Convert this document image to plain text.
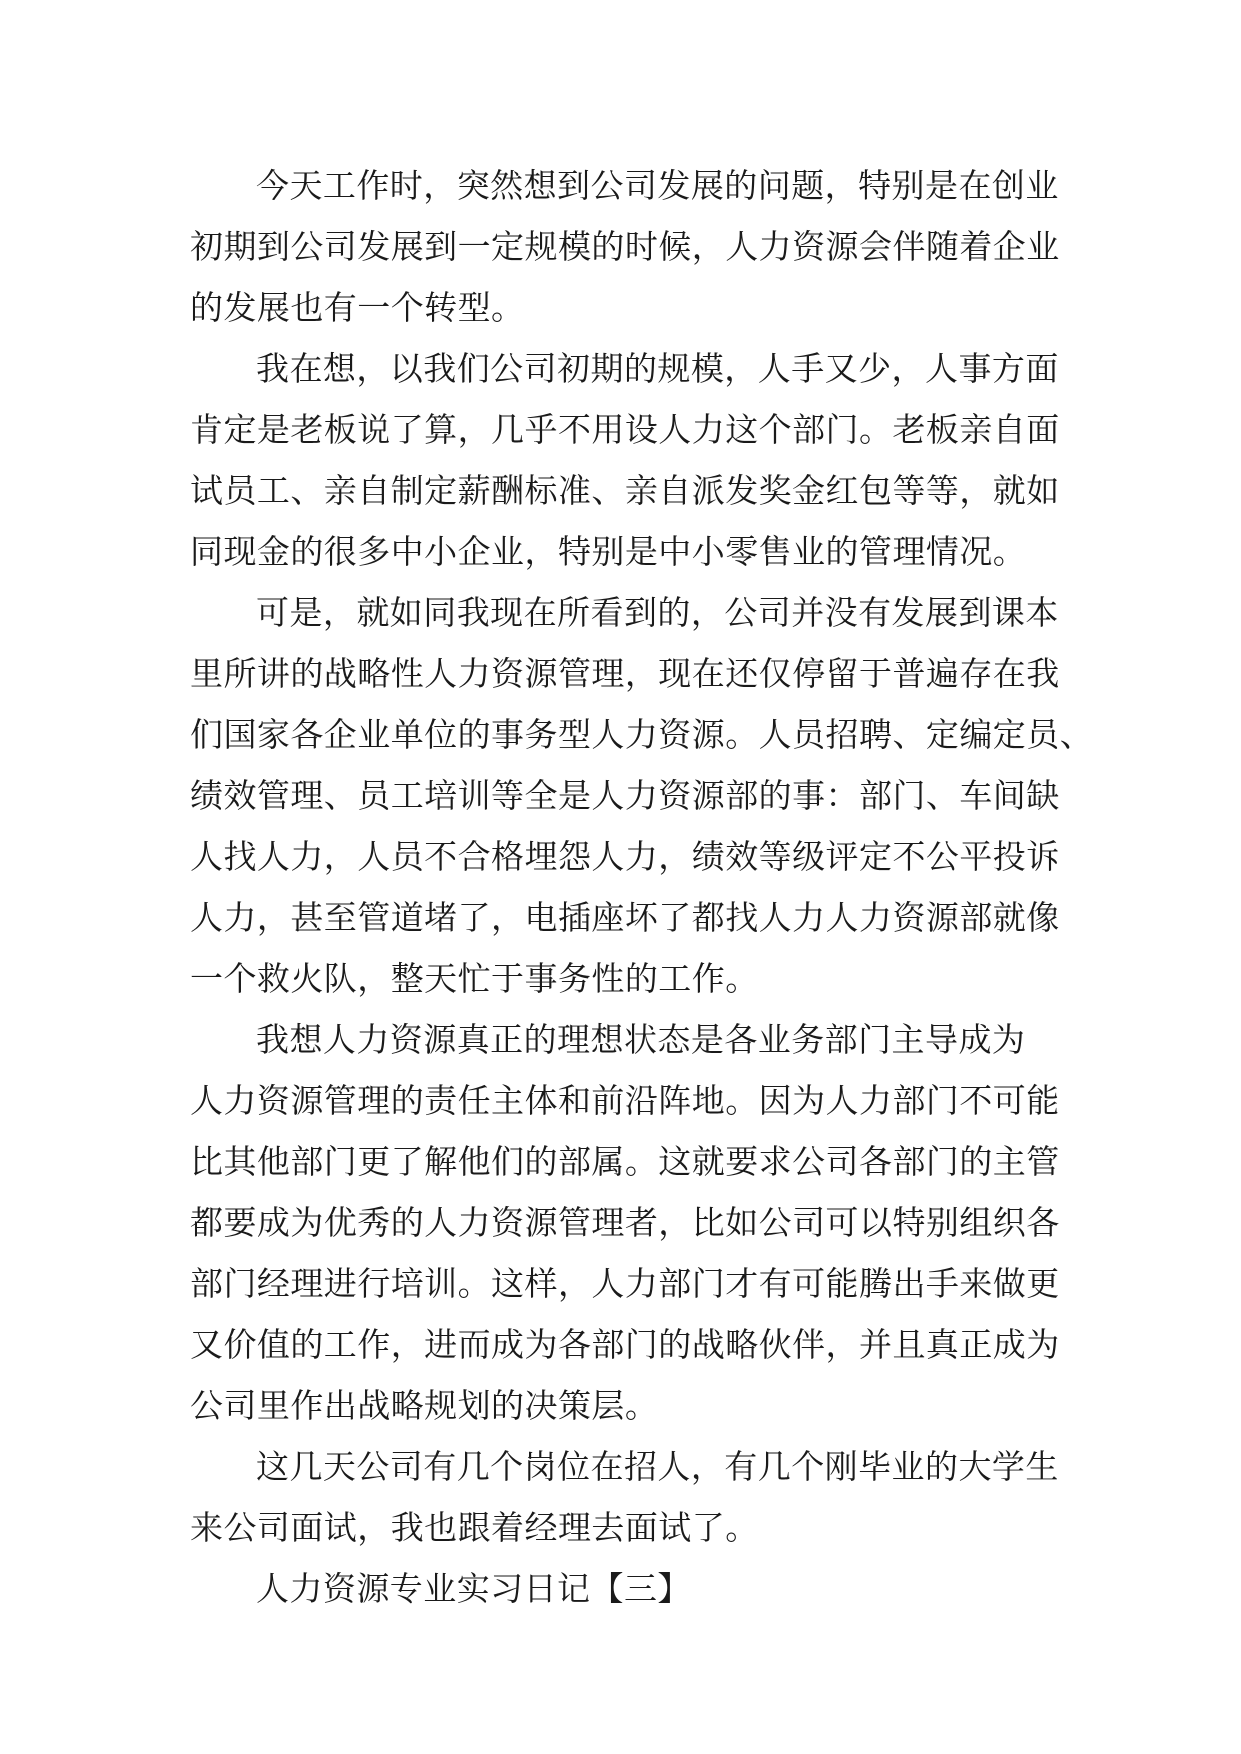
今天工作时，突然想到公司发展的问题，特别是在创业
初期到公司发展到一定规模的时候，人力资源会伴随着企业
的发展也有一个转型。
我在想，以我们公司初期的规模，人手又少，人事方面
肯定是老板说了算，几乎不用设人力这个部门。老板亲自面
试员工、亲自制定薪酬标准、亲自派发奖金红包等等，就如
同现金的很多中小企业，特别是中小零售业的管理情况。
可是，就如同我现在所看到的，公司并没有发展到课本
里所讲的战略性人力资源管理，现在还仅停留于普遍存在我
们国家各企业单位的事务型人力资源。人员招聘、定编定员、
绩效管理、员工培训等全是人力资源部的事：部门、车间缺
人找人力，人员不合格埋怨人力，绩效等级评定不公平投诉
人力，甚至管道堵了，电插座坏了都找人力人力资源部就像
一个救火队，整天忙于事务性的工作。
我想人力资源真正的理想状态是各业务部门主导成为
人力资源管理的责任主体和前沿阵地。因为人力部门不可能
比其他部门更了解他们的部属。这就要求公司各部门的主管
都要成为优秀的人力资源管理者，比如公司可以特别组织各
部门经理进行培训。这样，人力部门才有可能腾出手来做更
又价值的工作，进而成为各部门的战略伙伴，并且真正成为
公司里作出战略规划的决策层。
这几天公司有几个岗位在招人，有几个刚毕业的大学生
来公司面试，我也跟着经理去面试了。
人力资源专业实习日记【三】
